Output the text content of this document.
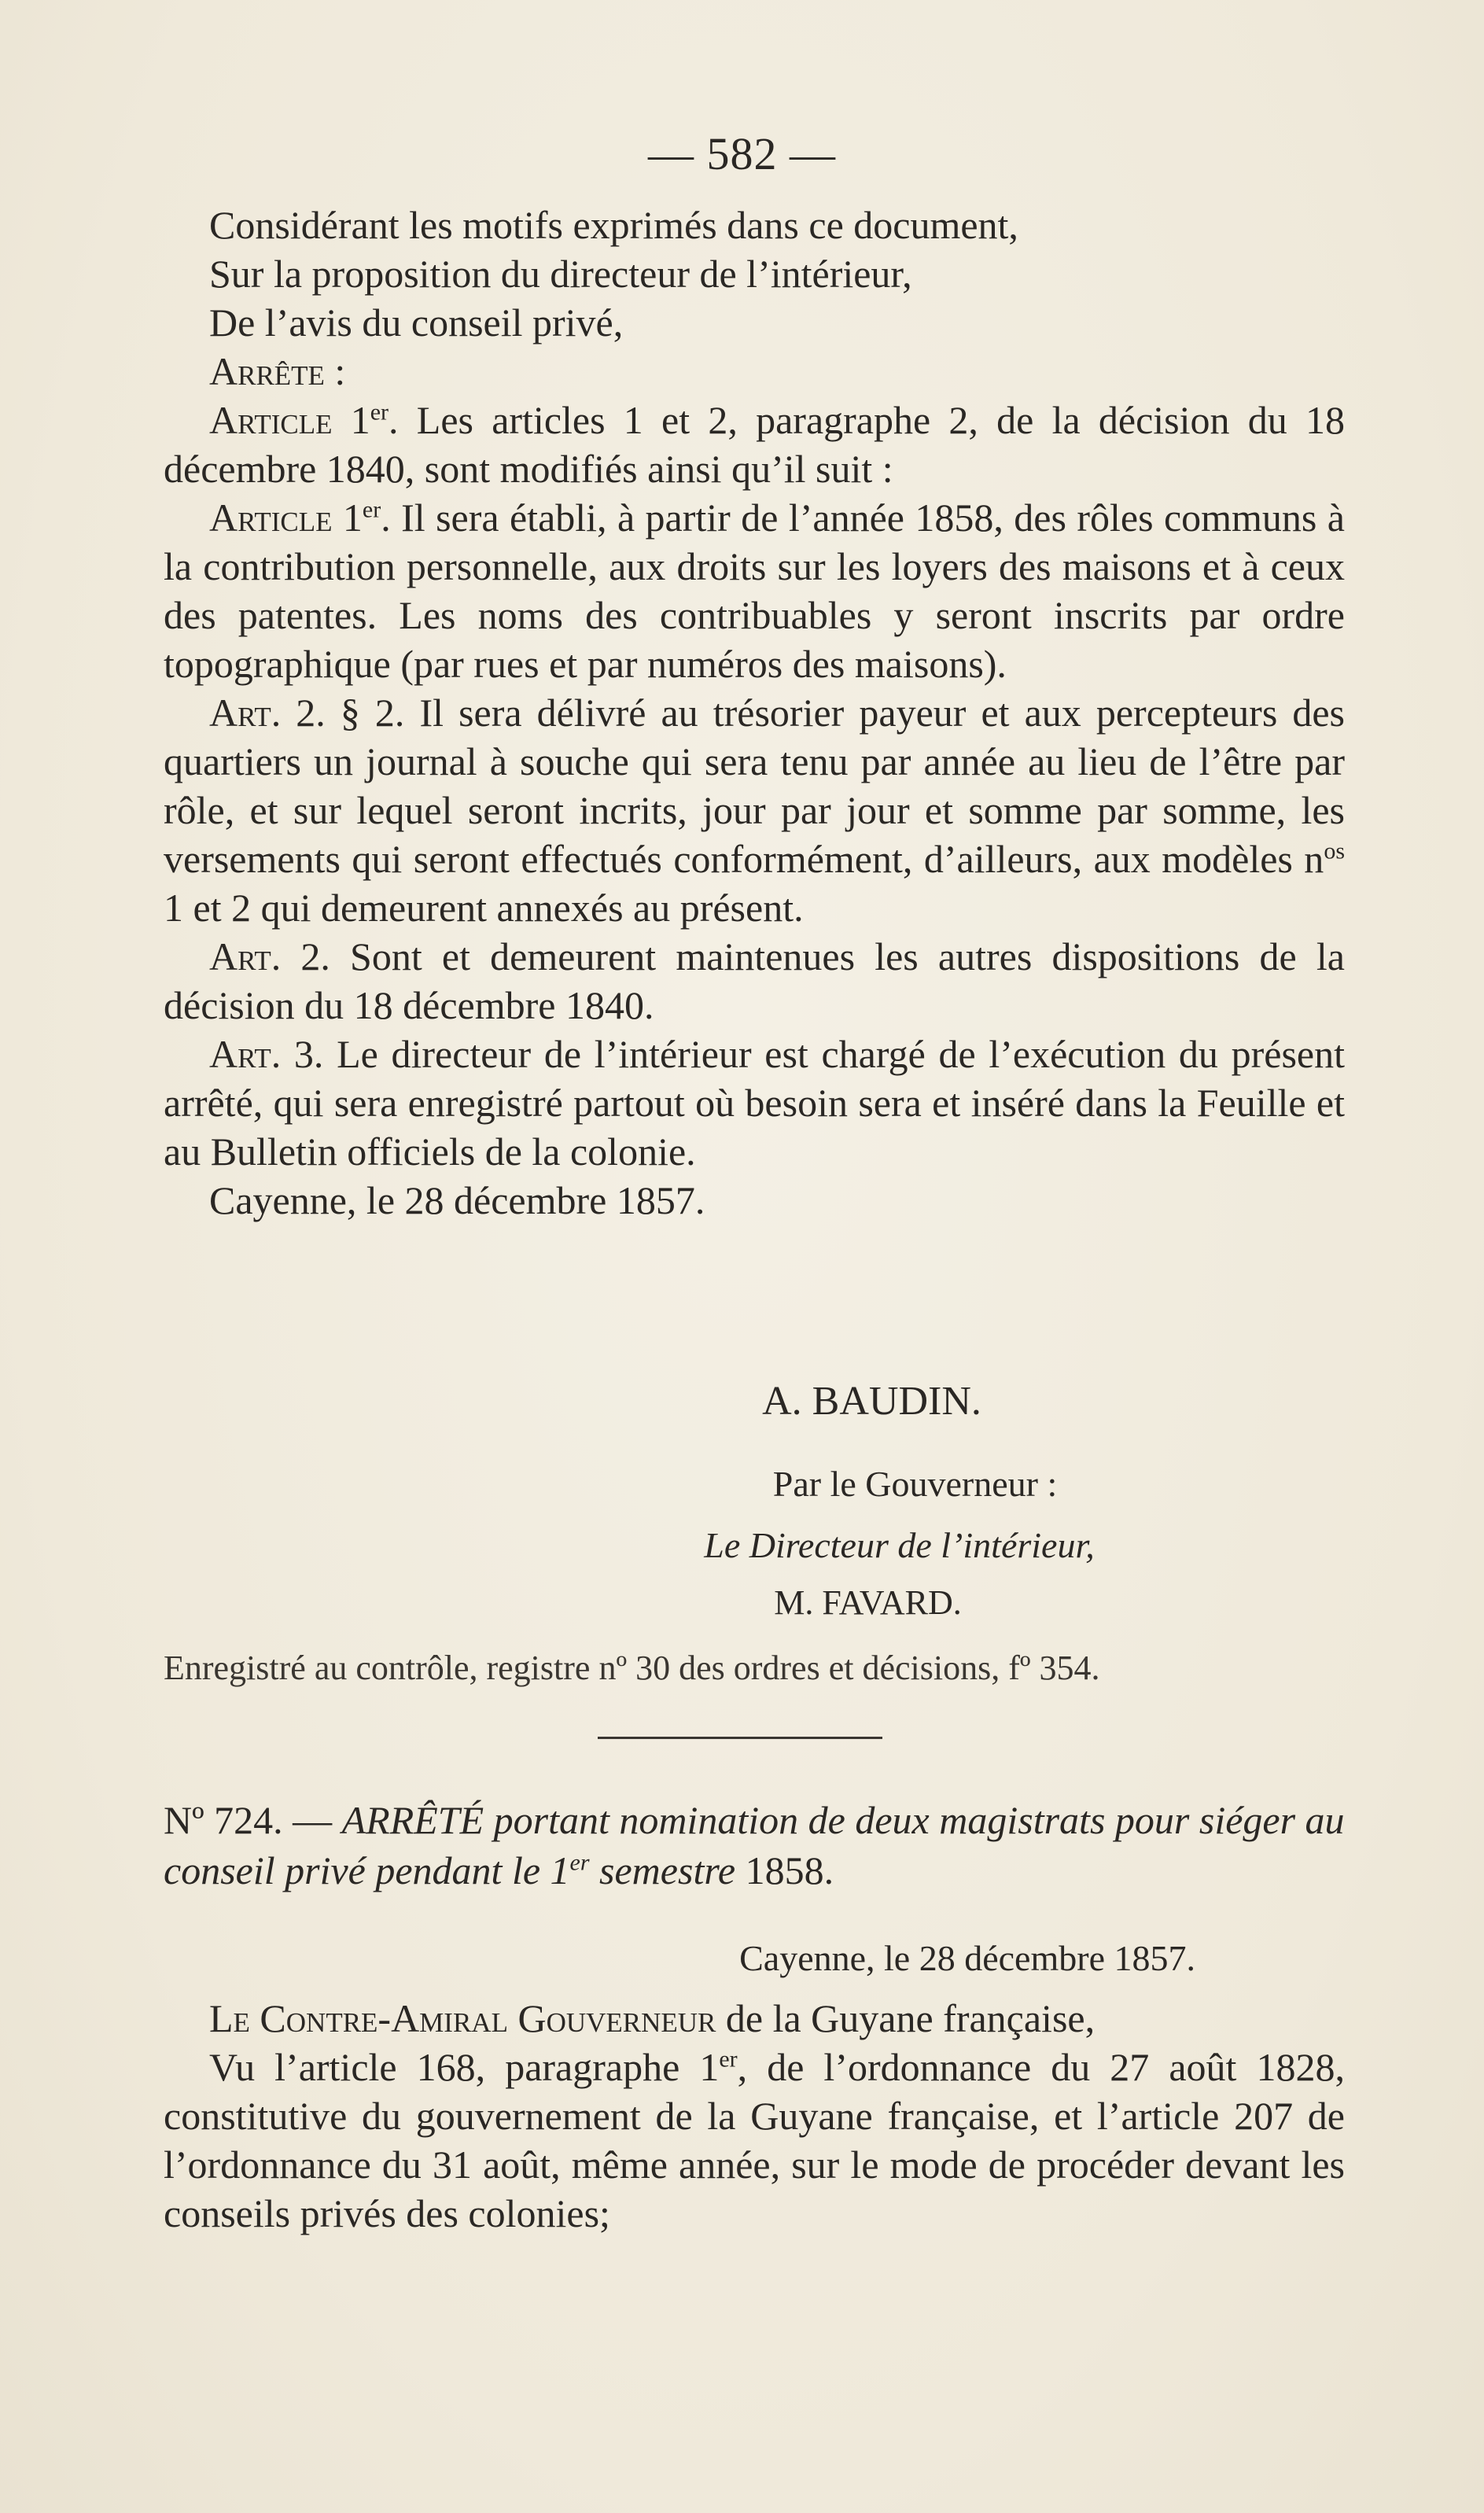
— 582 —

Considérant les motifs exprimés dans ce document,

Sur la proposition du directeur de l’intérieur,

De l’avis du conseil privé,

Arrête :

Article 1er. Les articles 1 et 2, paragraphe 2, de la décision du 18 décembre 1840, sont modifiés ainsi qu’il suit :

Article 1er. Il sera établi, à partir de l’année 1858, des rôles communs à la contribution personnelle, aux droits sur les loyers des maisons et à ceux des patentes. Les noms des contribuables y seront inscrits par ordre topographique (par rues et par numéros des maisons).

Art. 2. § 2. Il sera délivré au trésorier payeur et aux percepteurs des quartiers un journal à souche qui sera tenu par année au lieu de l’être par rôle, et sur lequel seront incrits, jour par jour et somme par somme, les versements qui seront effectués conformément, d’ailleurs, aux modèles $n^{os}$ 1 et 2 qui demeurent annexés au présent.

Art. 2. Sont et demeurent maintenues les autres dispositions de la décision du 18 décembre 1840.

Art. 3. Le directeur de l’intérieur est chargé de l’exécution du présent arrêté, qui sera enregistré partout où besoin sera et inséré dans la Feuille et au Bulletin officiels de la colonie.

Cayenne, le 28 décembre 1857.

A. BAUDIN.
Par le Gouverneur :
Le Directeur de l’intérieur,
M. FAVARD.
Enregistré au contrôle, registre nº 30 des ordres et décisions, fº 354.
Nº 724. — ARRÊTÉ portant nomination de deux magistrats pour siéger au conseil privé pendant le 1er semestre 1858.
Cayenne, le 28 décembre 1857.

Le Contre-Amiral Gouverneur de la Guyane française,

Vu l’article 168, paragraphe 1er, de l’ordonnance du 27 août 1828, constitutive du gouvernement de la Guyane française, et l’article 207 de l’ordonnance du 31 août, même année, sur le mode de procéder devant les conseils privés des colonies;
